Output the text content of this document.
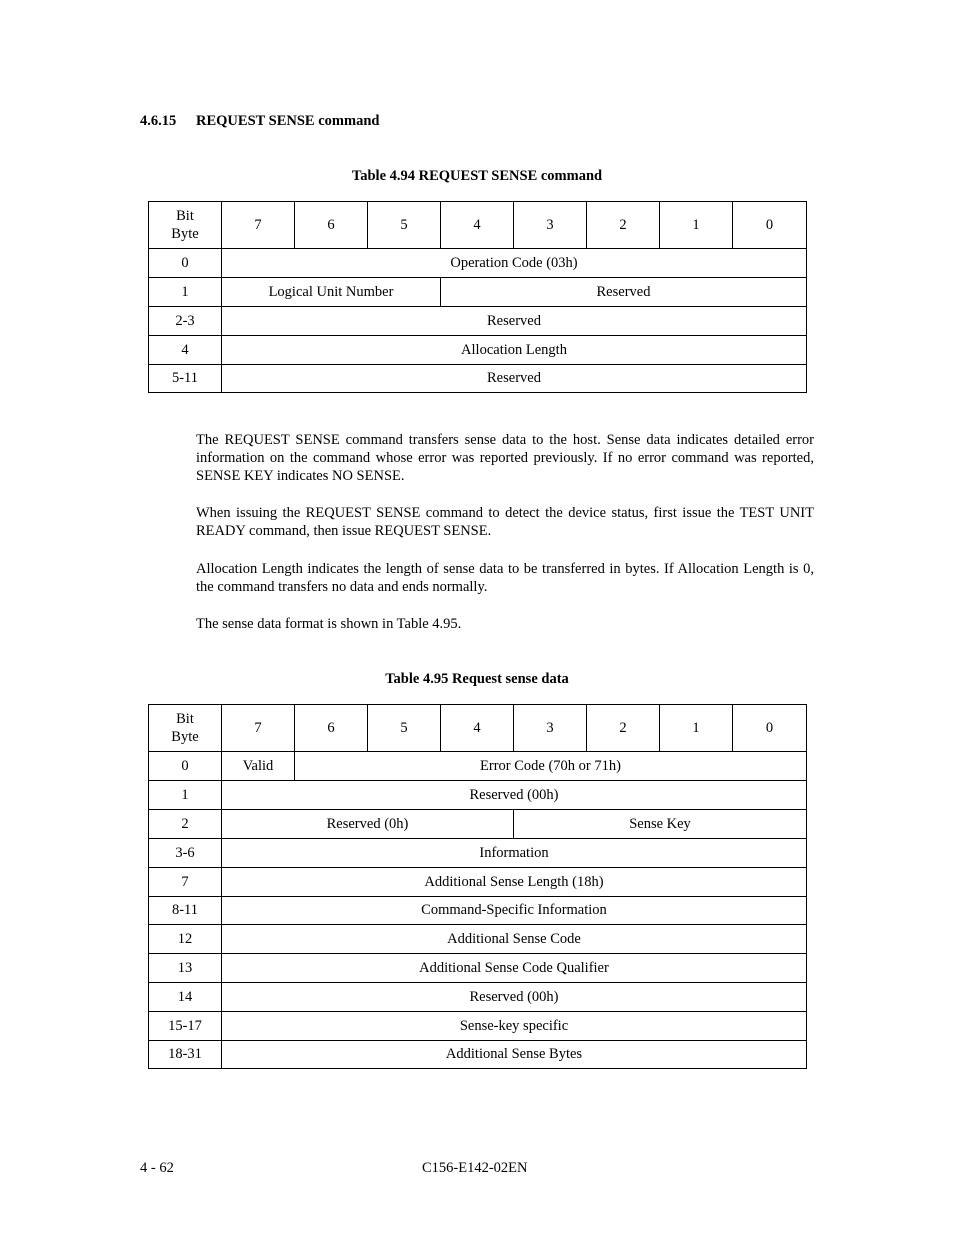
4.6.15 REQUEST SENSE command
Table 4.94 REQUEST SENSE command
Bit
Byte	7	6	5	4	3	2	1	0
0	Operation Code (03h)							
1	Logical Unit Number			Reserved				
2-3	Reserved							
4	Allocation Length							
5-11	Reserved							

The REQUEST SENSE command transfers sense data to the host. Sense data indicates detailed error information on the command whose error was reported previously. If no error command was reported, SENSE KEY indicates NO SENSE.

When issuing the REQUEST SENSE command to detect the device status, first issue the TEST UNIT READY command, then issue REQUEST SENSE.

Allocation Length indicates the length of sense data to be transferred in bytes. If Allocation Length is 0, the command transfers no data and ends normally.

The sense data format is shown in Table 4.95.

Table 4.95 Request sense data
Bit
Byte	7	6	5	4	3	2	1	0
0	Valid	Error Code (70h or 71h)						
1	Reserved (00h)							
2	Reserved (0h)				Sense Key			
3-6	Information							
7	Additional Sense Length (18h)							
8-11	Command-Specific Information							
12	Additional Sense Code							
13	Additional Sense Code Qualifier							
14	Reserved (00h)							
15-17	Sense-key specific							
18-31	Additional Sense Bytes							
4 - 62	C156-E142-02EN
